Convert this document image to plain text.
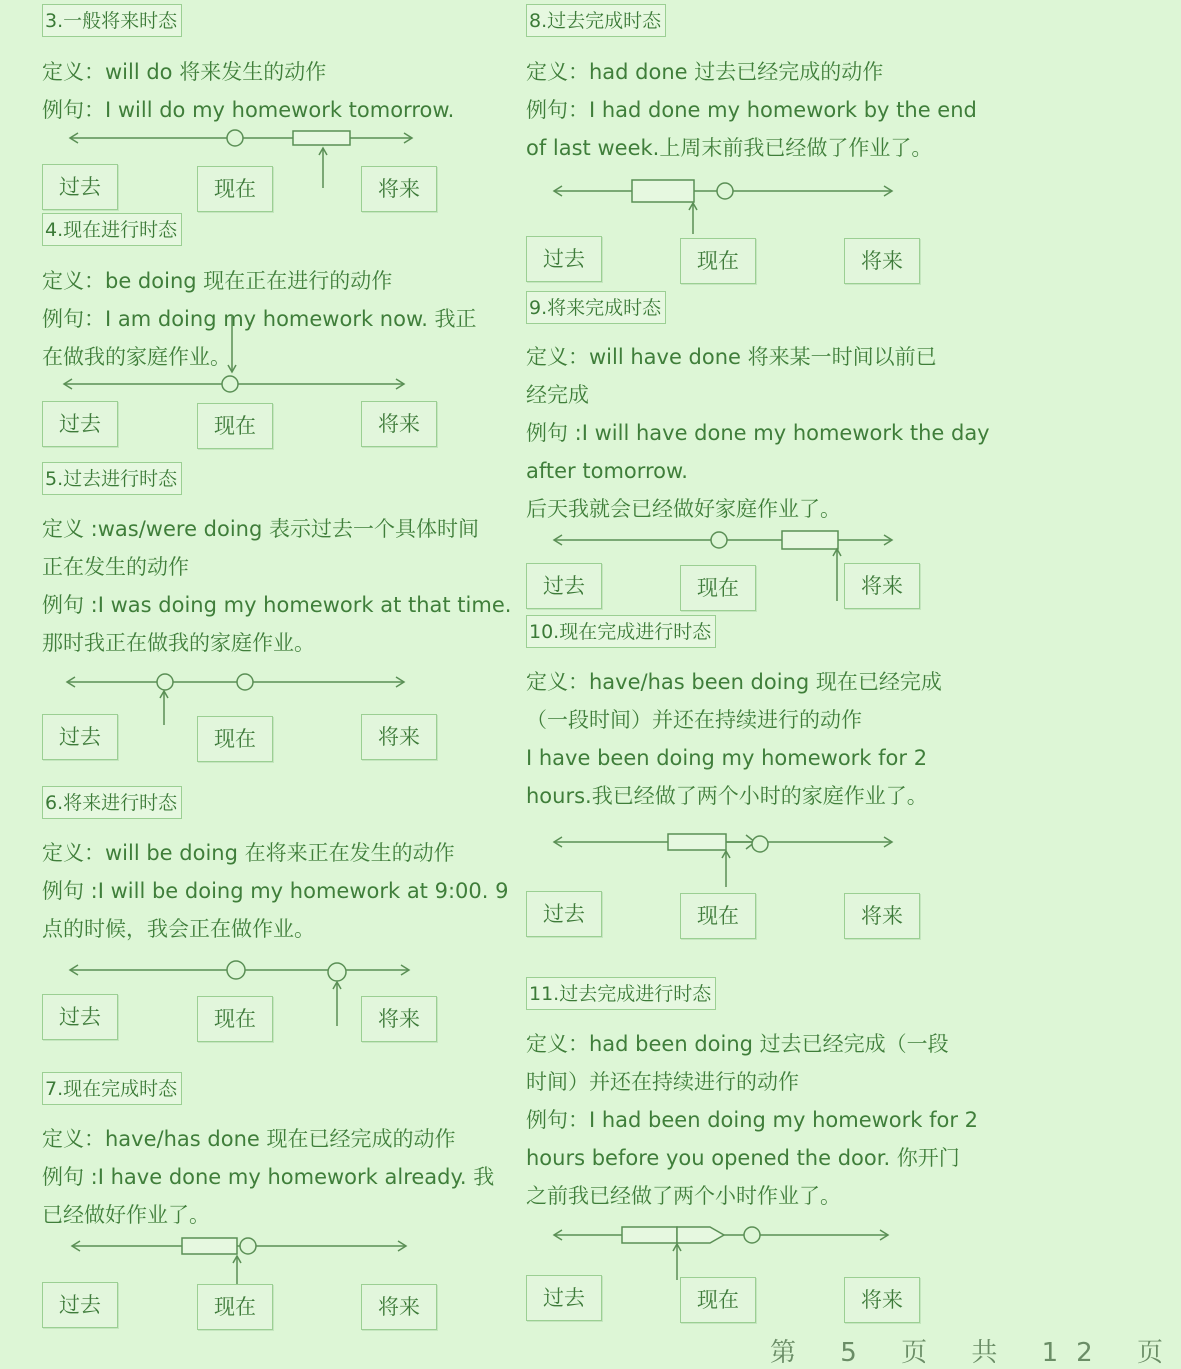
3.一般将来时态
定义：will do 将来发生的动作
例句：I will do my homework tomorrow.
过去	现在	将来
4.现在进行时态
定义：be doing 现在正在进行的动作
例句：I am doing my homework now. 我正
在做我的家庭作业。
过去	现在	将来
5.过去进行时态
定义 :was/were doing 表示过去一个具体时间
正在发生的动作
例句 :I was doing my homework at that time.
那时我正在做我的家庭作业。
过去	现在	将来
6.将来进行时态
定义：will be doing 在将来正在发生的动作
例句 :I will be doing my homework at 9:00. 9
点的时候，我会正在做作业。
过去	现在	将来
7.现在完成时态
定义：have/has done 现在已经完成的动作
例句 :I have done my homework already. 我
已经做好作业了。
过去	现在	将来
8.过去完成时态
定义：had done 过去已经完成的动作
例句：I had done my homework by the end
of last week.上周末前我已经做了作业了。
过去	现在	将来
9.将来完成时态
定义：will have done 将来某一时间以前已
经完成
例句 :I will have done my homework the day
after tomorrow.
后天我就会已经做好家庭作业了。
过去	现在	将来
10.现在完成进行时态
定义：have/has been doing 现在已经完成
（一段时间）并还在持续进行的动作
I have been doing my homework for 2
hours.我已经做了两个小时的家庭作业了。
过去	现在	将来
11.过去完成进行时态
定义：had been doing 过去已经完成（一段
时间）并还在持续进行的动作
例句：I had been doing my homework for 2
hours before you opened the door. 你开门
之前我已经做了两个小时作业了。
过去	现在	将来
第 5 页 共 12 页
